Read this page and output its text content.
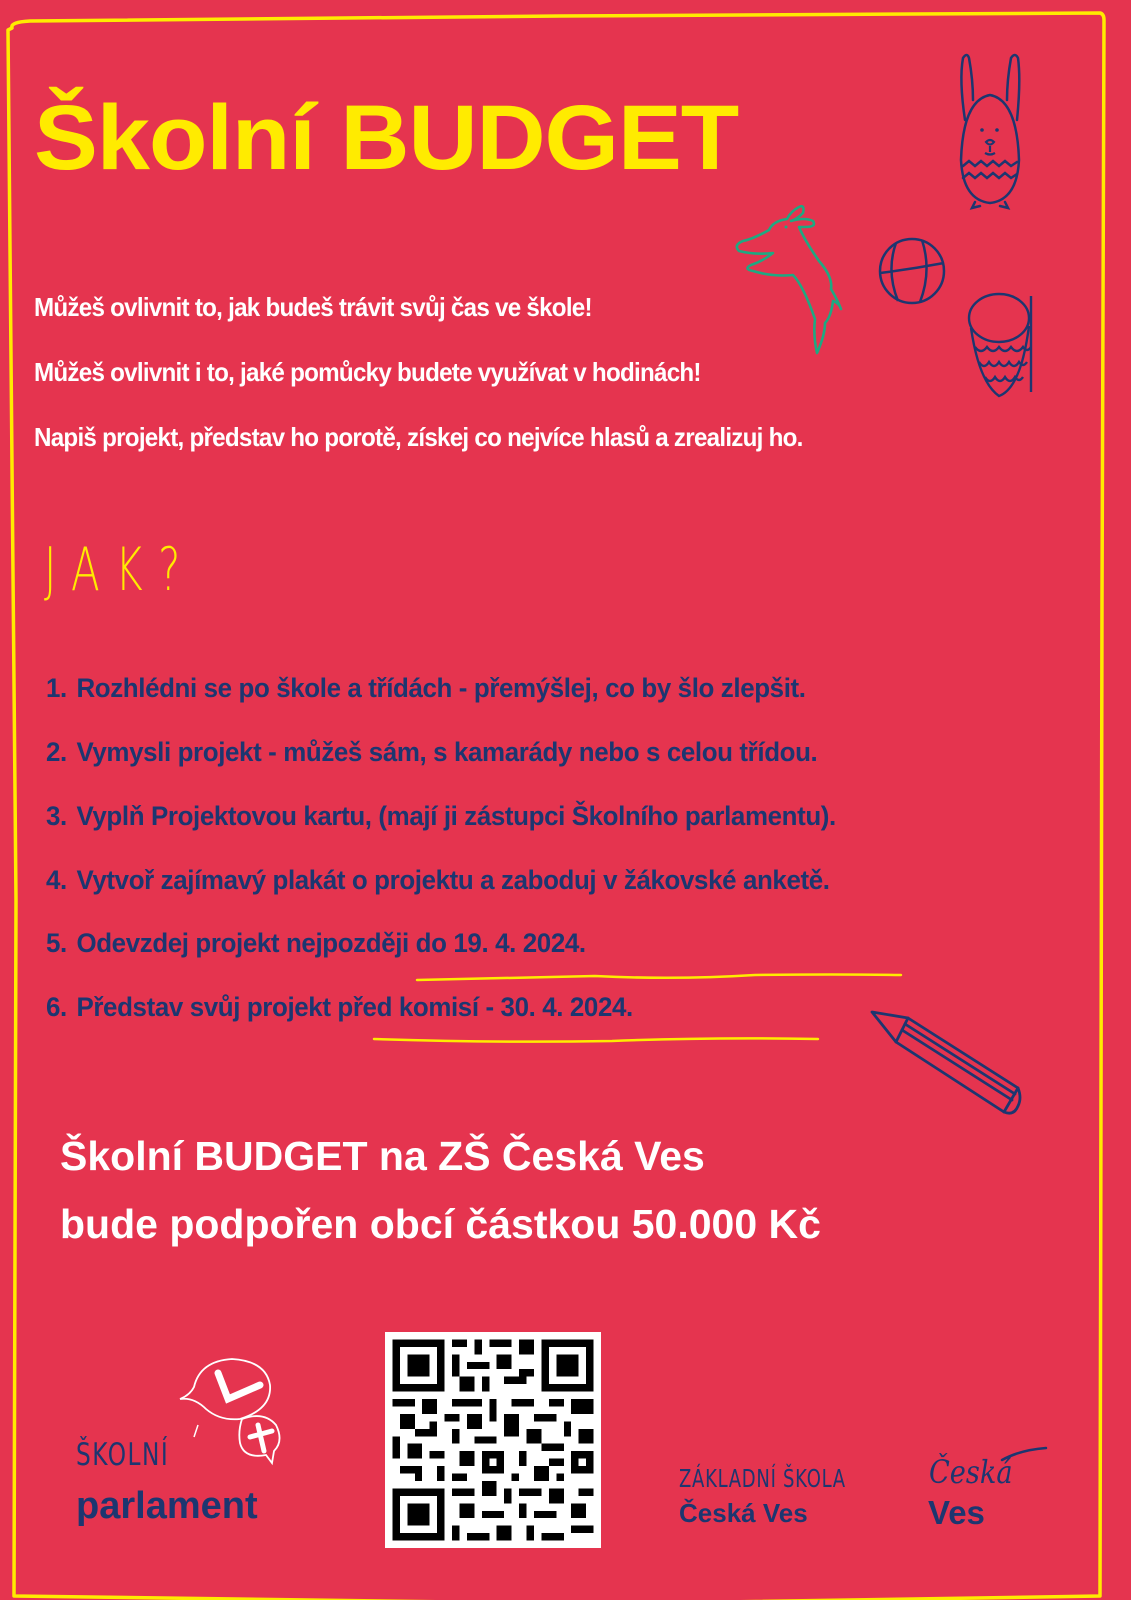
Školní BUDGET
Můžeš ovlivnit to, jak budeš trávit svůj čas ve škole!
Můžeš ovlivnit i to, jaké pomůcky budete využívat v hodinách!
Napiš projekt, představ ho porotě, získej co nejvíce hlasů a zrealizuj ho.
JAK?
1. Rozhlédni se po škole a třídách - přemýšlej, co by šlo zlepšit.
2. Vymysli projekt - můžeš sám, s kamarády nebo s celou třídou.
3. Vyplň Projektovou kartu, (mají ji zástupci Školního parlamentu).
4. Vytvoř zajímavý plakát o projektu a zaboduj v žákovské anketě.
5. Odevzdej projekt nejpozději do 19. 4. 2024.
6. Představ svůj projekt před komisí - 30. 4. 2024.
Školní BUDGET na ZŠ Česká Ves
bude podpořen obcí částkou 50.000 Kč
ŠKOLNÍ
parlament
ZÁKLADNÍ ŠKOLA
Česká Ves
Česká
Ves
